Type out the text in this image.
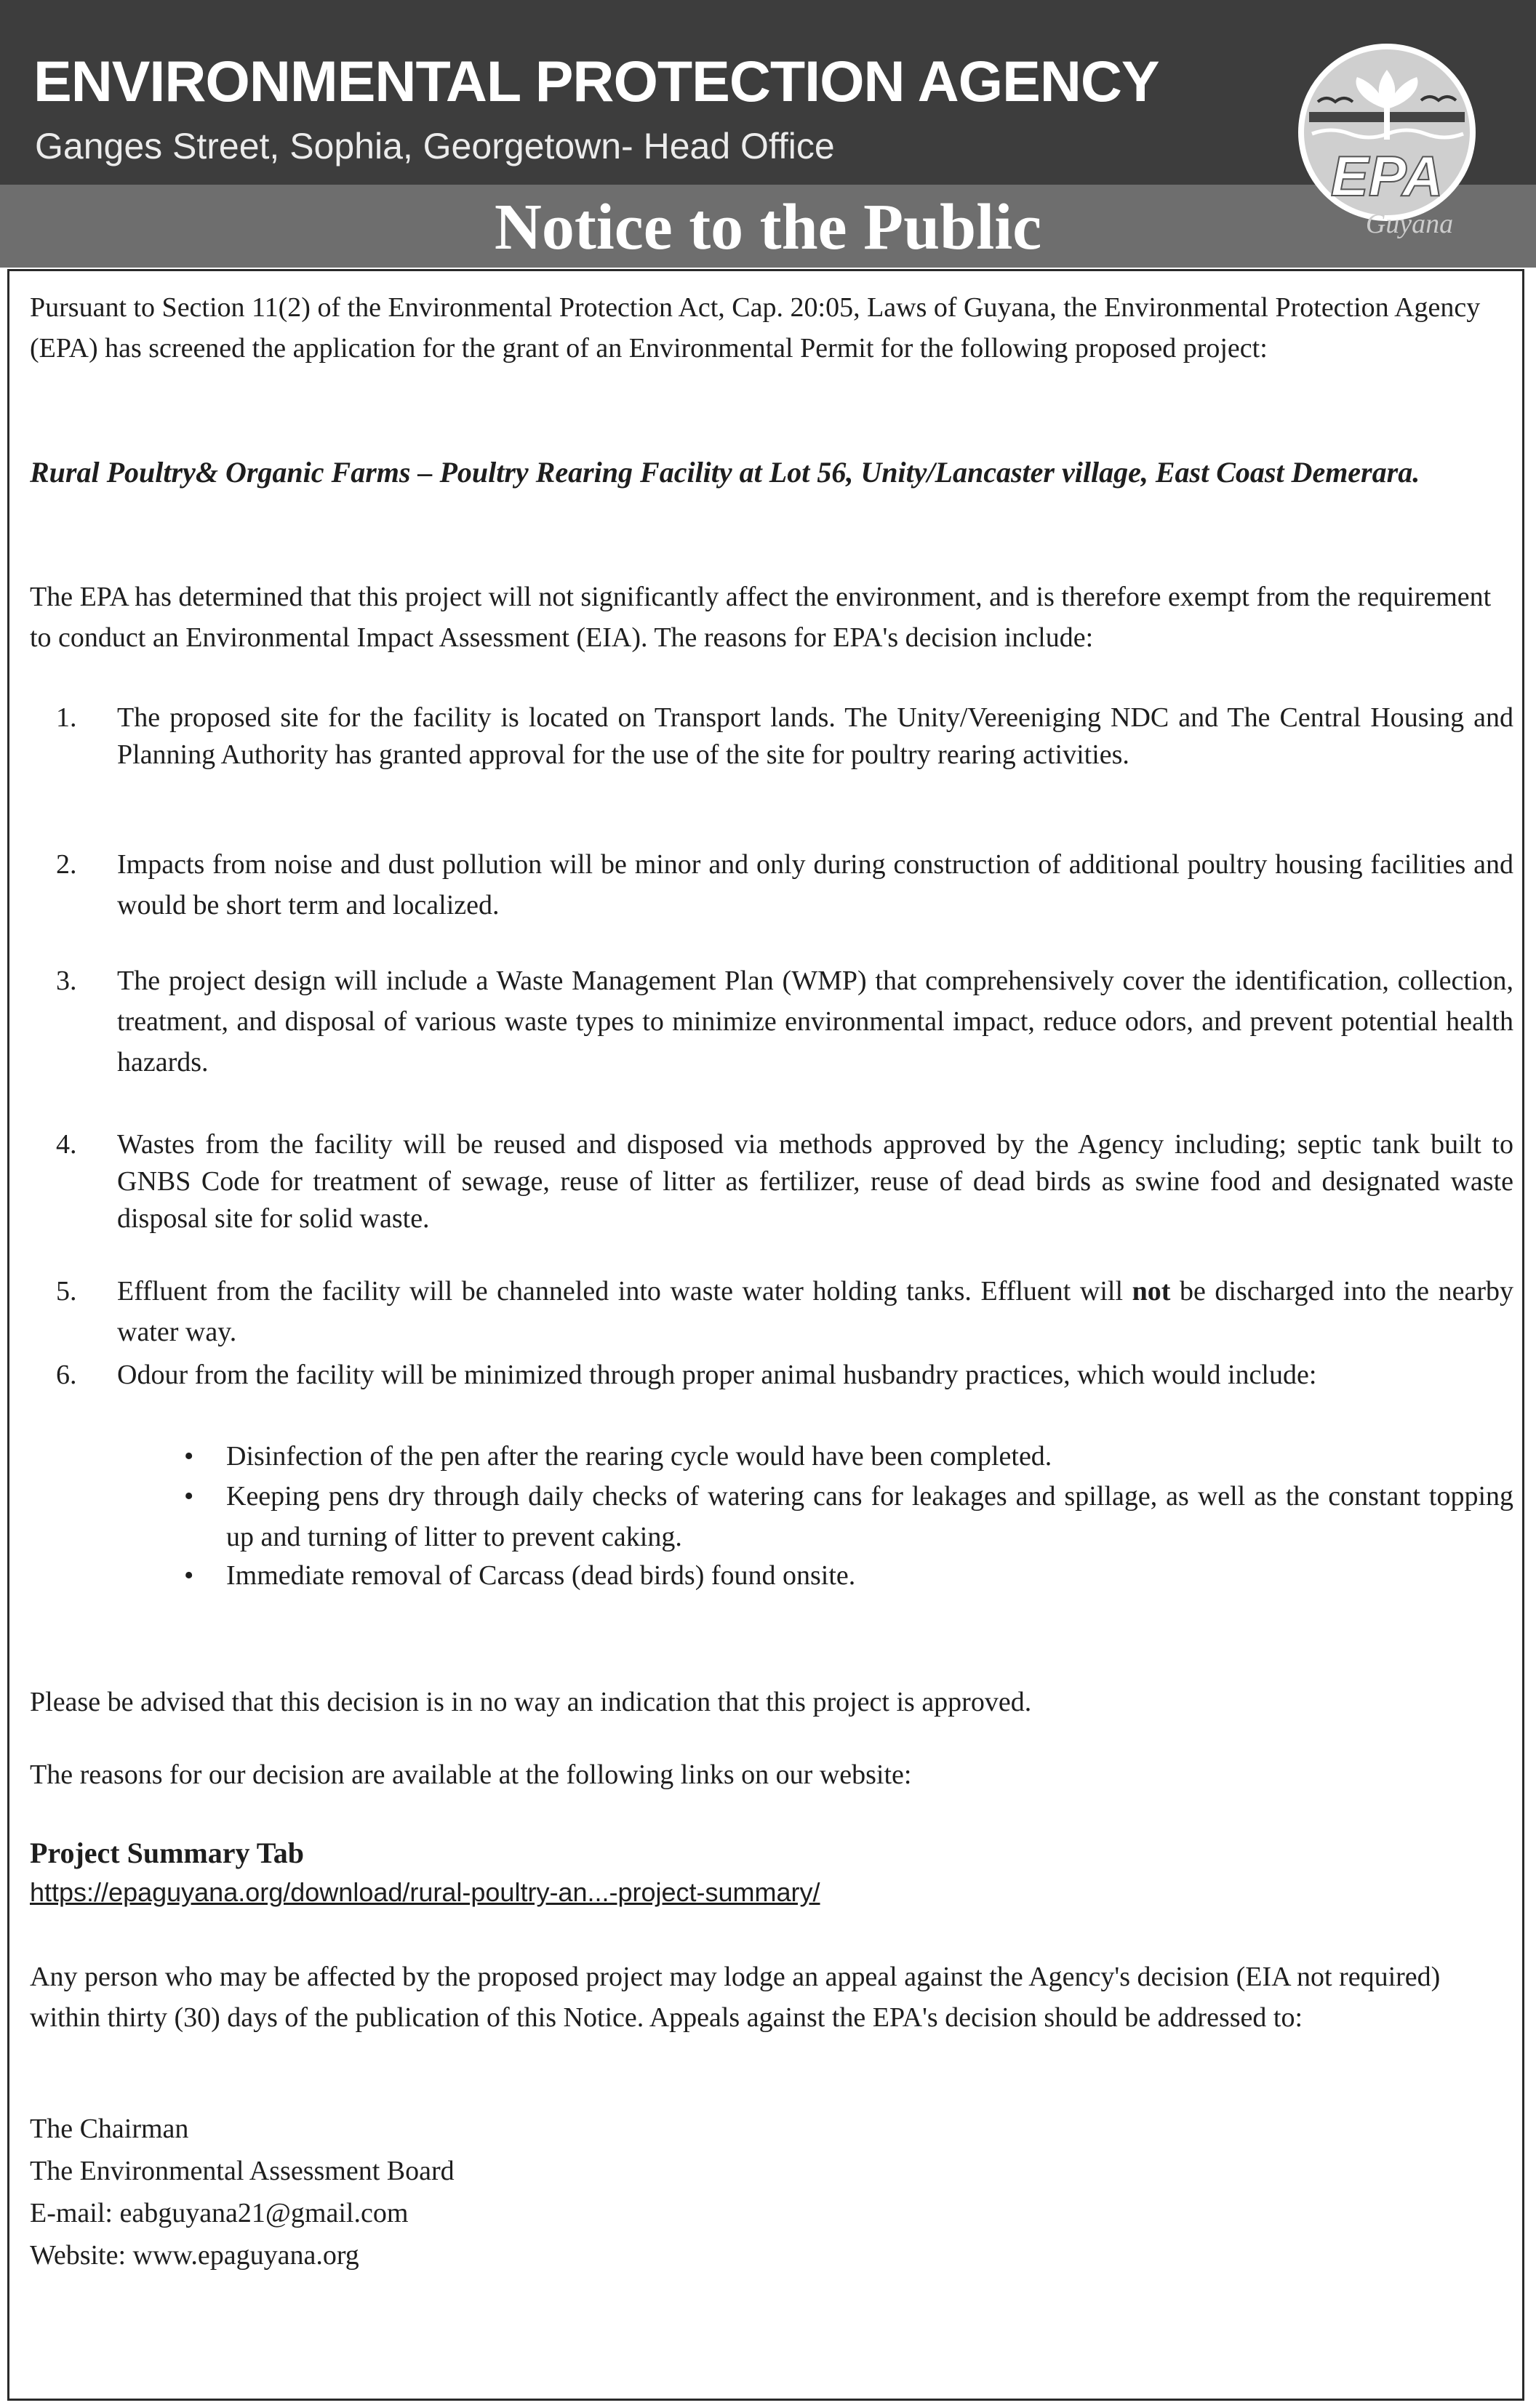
ENVIRONMENTAL PROTECTION AGENCY
Ganges Street, Sophia, Georgetown- Head Office
Notice to the Public
EPA
Guyana

Pursuant to Section 11(2) of the Environmental Protection Act, Cap. 20:05, Laws of Guyana, the Environmental Protection Agency (EPA) has screened the application for the grant of an Environmental Permit for the following proposed project:

Rural Poultry& Organic Farms – Poultry Rearing Facility at Lot 56, Unity/Lancaster village, East Coast Demerara.

The EPA has determined that this project will not significantly affect the environment, and is therefore exempt from the requirement to conduct an Environmental Impact Assessment (EIA). The reasons for EPA's decision include:

1.	The proposed site for the facility is located on Transport lands. The Unity/Vereeniging NDC and The Central Housing and Planning Authority has granted approval for the use of the site for poultry rearing activities.
2.	Impacts from noise and dust pollution will be minor and only during construction of additional poultry housing facilities and would be short term and localized.
3.	The project design will include a Waste Management Plan (WMP) that comprehensively cover the identification, collection, treatment, and disposal of various waste types to minimize environmental impact, reduce odors, and prevent potential health hazards.
4.	Wastes from the facility will be reused and disposed via methods approved by the Agency including; septic tank built to GNBS Code for treatment of sewage, reuse of litter as fertilizer, reuse of dead birds as swine food and designated waste disposal site for solid waste.
5.	Effluent from the facility will be channeled into waste water holding tanks. Effluent will not be discharged into the nearby water way.
6.	Odour from the facility will be minimized through proper animal husbandry practices, which would include:
•	Disinfection of the pen after the rearing cycle would have been completed.
•	Keeping pens dry through daily checks of watering cans for leakages and spillage, as well as the constant topping up and turning of litter to prevent caking.
•	Immediate removal of Carcass (dead birds) found onsite.

Please be advised that this decision is in no way an indication that this project is approved.

The reasons for our decision are available at the following links on our website:

Project Summary Tab

https://epaguyana.org/download/rural-poultry-an...-project-summary/

Any person who may be affected by the proposed project may lodge an appeal against the Agency's decision (EIA not required) within thirty (30) days of the publication of this Notice. Appeals against the EPA's decision should be addressed to:

The Chairman
The Environmental Assessment Board
E-mail: eabguyana21@gmail.com
Website: www.epaguyana.org
